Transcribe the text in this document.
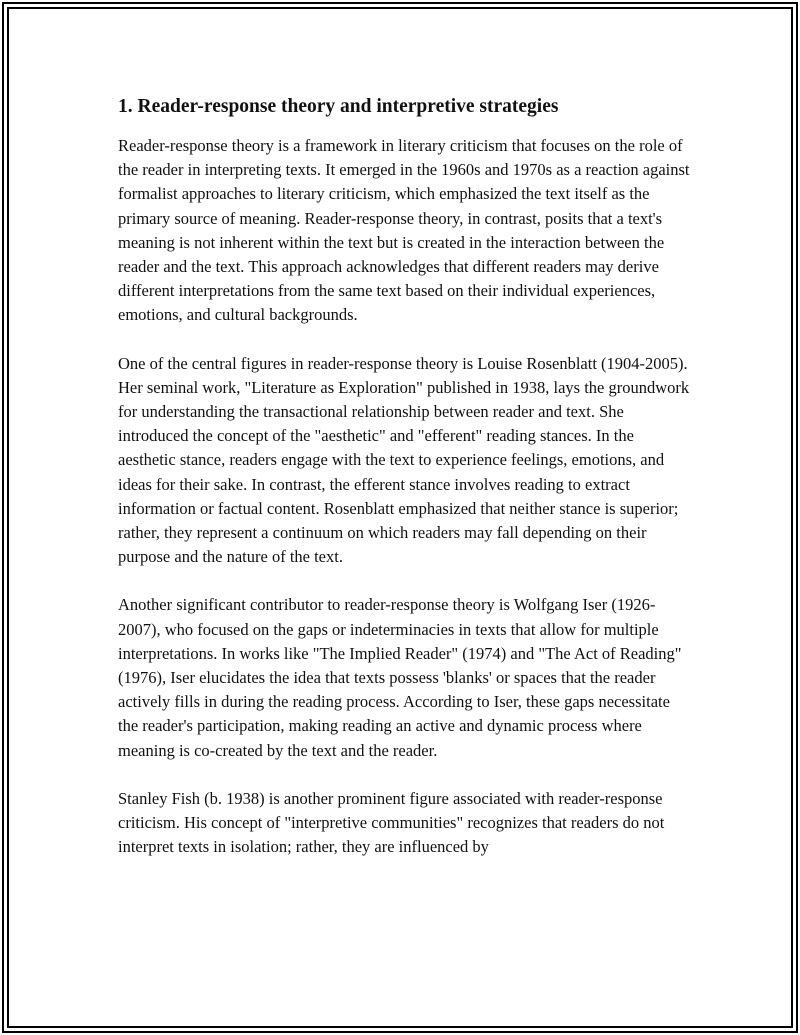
1. Reader-response theory and interpretive strategies

Reader-response theory is a framework in literary criticism that focuses on the role of the reader in interpreting texts. It emerged in the 1960s and 1970s as a reaction against formalist approaches to literary criticism, which emphasized the text itself as the primary source of meaning. Reader-response theory, in contrast, posits that a text's meaning is not inherent within the text but is created in the interaction between the reader and the text. This approach acknowledges that different readers may derive different interpretations from the same text based on their individual experiences, emotions, and cultural backgrounds.

One of the central figures in reader-response theory is Louise Rosenblatt (1904-2005). Her seminal work, "Literature as Exploration" published in 1938, lays the groundwork for understanding the transactional relationship between reader and text. She introduced the concept of the "aesthetic" and "efferent" reading stances. In the aesthetic stance, readers engage with the text to experience feelings, emotions, and ideas for their sake. In contrast, the efferent stance involves reading to extract information or factual content. Rosenblatt emphasized that neither stance is superior; rather, they represent a continuum on which readers may fall depending on their purpose and the nature of the text.

Another significant contributor to reader-response theory is Wolfgang Iser (1926-2007), who focused on the gaps or indeterminacies in texts that allow for multiple interpretations. In works like "The Implied Reader" (1974) and "The Act of Reading" (1976), Iser elucidates the idea that texts possess 'blanks' or spaces that the reader actively fills in during the reading process. According to Iser, these gaps necessitate the reader's participation, making reading an active and dynamic process where meaning is co-created by the text and the reader.

Stanley Fish (b. 1938) is another prominent figure associated with reader-response criticism. His concept of "interpretive communities" recognizes that readers do not interpret texts in isolation; rather, they are influenced by
